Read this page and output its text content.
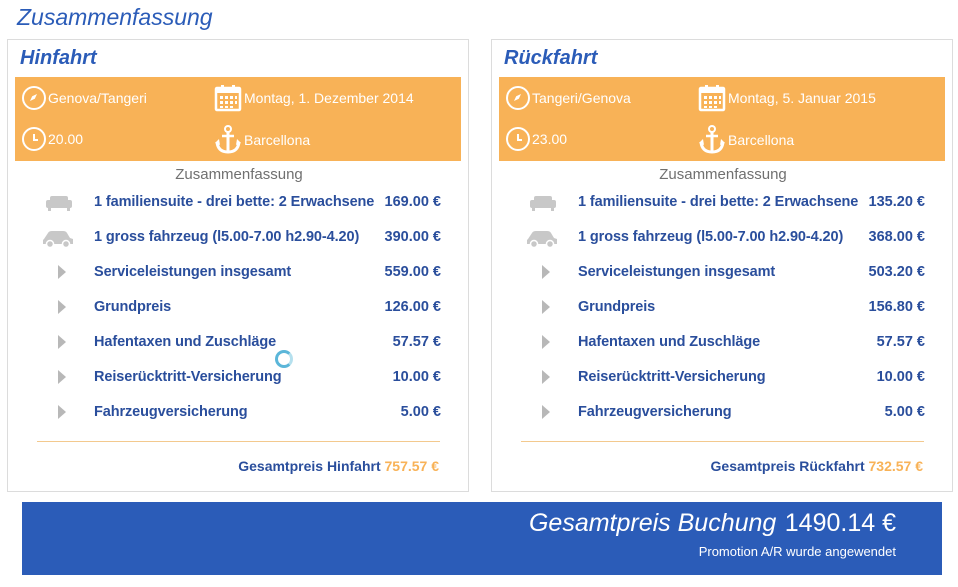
Zusammenfassung
Hinfahrt
Genova/Tangeri	Montag, 1. Dezember 2014
20.00	Barcellona
Zusammenfassung
1 familiensuite - drei bette: 2 Erwachsene 169.00 €
1 gross fahrzeug (l5.00-7.00 h2.90-4.20) 390.00 €
Serviceleistungen insgesamt	559.00 €
Grundpreis	126.00 €
Hafentaxen und Zuschläge	57.57 €
Reiserücktritt-Versicherung	10.00 €
Fahrzeugversicherung	5.00 €
Gesamtpreis Hinfahrt 757.57 €
Rückfahrt
Tangeri/Genova	Montag, 5. Januar 2015
23.00	Barcellona
Zusammenfassung
1 familiensuite - drei bette: 2 Erwachsene 135.20 €
1 gross fahrzeug (l5.00-7.00 h2.90-4.20) 368.00 €
Serviceleistungen insgesamt	503.20 €
Grundpreis	156.80 €
Hafentaxen und Zuschläge	57.57 €
Reiserücktritt-Versicherung	10.00 €
Fahrzeugversicherung	5.00 €
Gesamtpreis Rückfahrt 732.57 €
Gesamtpreis Buchung 1490.14 €
Promotion A/R wurde angewendet
